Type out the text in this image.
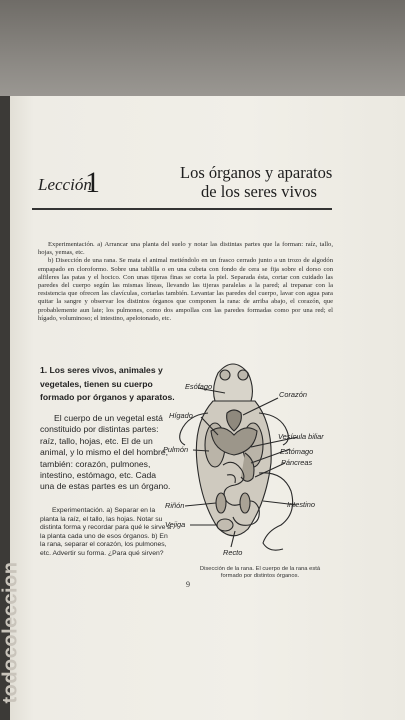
todocoleccion
Lección
1	Los órganos y aparatos
de los seres vivos

Experimentación. a) Arrancar una planta del suelo y notar las distintas partes que la forman: raíz, tallo, hojas, yemas, etc.

b) Disección de una rana. Se mata el animal metiéndolo en un frasco cerrado junto a un trozo de algodón empapado en cloroformo. Sobre una tablilla o en una cubeta con fondo de cera se fija sobre el dorso con alfileres las patas y el hocico. Con unas tijeras finas se corta la piel. Separada ésta, cortar con cuidado las paredes del cuerpo según las mismas líneas, llevando las tijeras paralelas a la pared; al trepanar con la resistencia que ofrecen las clavículas, cortarlas también. Levantar las paredes del cuerpo, lavar con agua para quitar la sangre y observar los distintos órganos que componen la rana: de arriba abajo, el corazón, que probablemente aun late; los pulmones, como dos ampollas con las paredes formadas como por una red; el hígado, voluminoso; el intestino, apelotonado, etc.

1. Los seres vivos, animales y vegetales, tienen su cuerpo formado por órganos y aparatos.

El cuerpo de un vegetal está constituido por distintas partes: raíz, tallo, hojas, etc. El de un animal, y lo mismo el del hombre, también: corazón, pulmones, intestino, estómago, etc. Cada una de estas partes es un órgano.

Experimentación. a) Separar en la planta la raíz, el tallo, las hojas. Notar su distinta forma y recordar para qué le sirve a la planta cada uno de esos órganos. b) En la rana, separar el corazón, los pulmones, etc. Advertir su forma. ¿Para qué sirven?

Esófago
Corazón
Hígado
Vesícula biliar
Estómago
Páncreas
Pulmón
Riñón	Intestino
Vejiga
Recto
Disección de la rana. El cuerpo de la rana está formado por distintos órganos.
9
